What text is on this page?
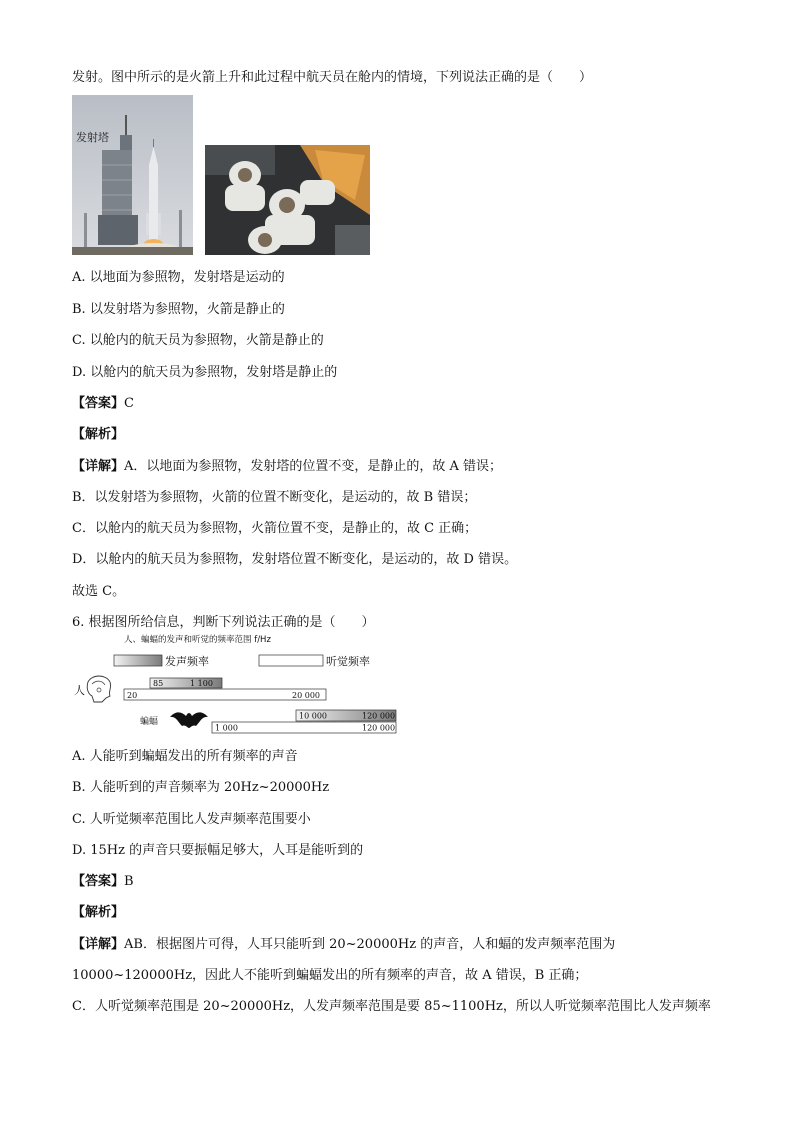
发射。图中所示的是火箭上升和此过程中航天员在舱内的情境，下列说法正确的是（　　）
发射塔
A. 以地面为参照物，发射塔是运动的
B. 以发射塔为参照物，火箭是静止的
C. 以舱内的航天员为参照物，火箭是静止的
D. 以舱内的航天员为参照物，发射塔是静止的
【答案】C
【解析】
【详解】A．以地面为参照物，发射塔的位置不变，是静止的，故 A 错误；
B．以发射塔为参照物，火箭的位置不断变化，是运动的，故 B 错误；
C．以舱内的航天员为参照物，火箭位置不变，是静止的，故 C 正确；
D．以舱内的航天员为参照物，发射塔位置不断变化，是运动的，故 D 错误。
故选 C。
6. 根据图所给信息，判断下列说法正确的是（　　）
人、蝙蝠的发声和听觉的频率范围 f/Hz
发声频率	听觉频率
人
85	1 100
20	20 000
蝙蝠
10 000	120 000
1 000	120 000
A. 人能听到蝙蝠发出的所有频率的声音
B. 人能听到的声音频率为 20Hz~20000Hz
C. 人听觉频率范围比人发声频率范围要小
D. 15Hz 的声音只要振幅足够大，人耳是能听到的
【答案】B
【解析】
【详解】AB．根据图片可得，人耳只能听到 20~20000Hz 的声音，人和蝠的发声频率范围为
10000~120000Hz，因此人不能听到蝙蝠发出的所有频率的声音，故 A 错误，B 正确；
C．人听觉频率范围是 20~20000Hz，人发声频率范围是要 85~1100Hz，所以人听觉频率范围比人发声频率
